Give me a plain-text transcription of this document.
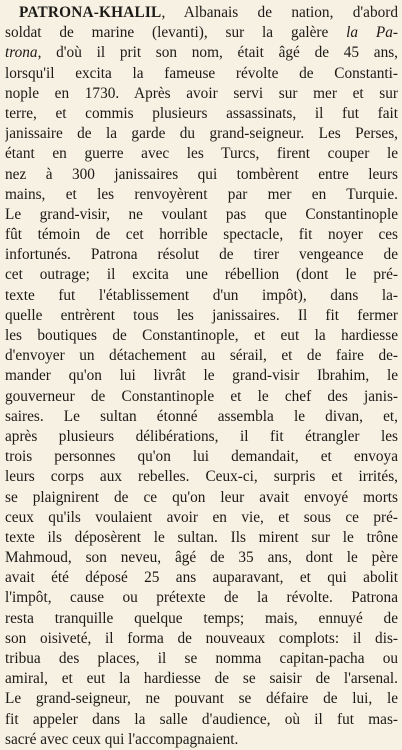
PATRONA-KHALIL, Albanais de nation, d'abord
soldat de marine (levanti), sur la galère la Pa-
trona, d'où il prit son nom, était âgé de 45 ans,
lorsqu'il excita la fameuse révolte de Constanti-
nople en 1730. Après avoir servi sur mer et sur
terre, et commis plusieurs assassinats, il fut fait
janissaire de la garde du grand-seigneur. Les Perses,
étant en guerre avec les Turcs, firent couper le
nez à 300 janissaires qui tombèrent entre leurs
mains, et les renvoyèrent par mer en Turquie.
Le grand-visir, ne voulant pas que Constantinople
fût témoin de cet horrible spectacle, fit noyer ces
infortunés. Patrona résolut de tirer vengeance de
cet outrage; il excita une rébellion (dont le pré-
texte fut l'établissement d'un impôt), dans la-
quelle entrèrent tous les janissaires. Il fit fermer
les boutiques de Constantinople, et eut la hardiesse
d'envoyer un détachement au sérail, et de faire de-
mander qu'on lui livrât le grand-visir Ibrahim, le
gouverneur de Constantinople et le chef des janis-
saires. Le sultan étonné assembla le divan, et,
après plusieurs délibérations, il fit étrangler les
trois personnes qu'on lui demandait, et envoya
leurs corps aux rebelles. Ceux-ci, surpris et irrités,
se plaignirent de ce qu'on leur avait envoyé morts
ceux qu'ils voulaient avoir en vie, et sous ce pré-
texte ils déposèrent le sultan. Ils mirent sur le trône
Mahmoud, son neveu, âgé de 35 ans, dont le père
avait été déposé 25 ans auparavant, et qui abolit
l'impôt, cause ou prétexte de la révolte. Patrona
resta tranquille quelque temps; mais, ennuyé de
son oisiveté, il forma de nouveaux complots: il dis-
tribua des places, il se nomma capitan-pacha ou
amiral, et eut la hardiesse de se saisir de l'arsenal.
Le grand-seigneur, ne pouvant se défaire de lui, le
fit appeler dans la salle d'audience, où il fut mas-
sacré avec ceux qui l'accompagnaient.
